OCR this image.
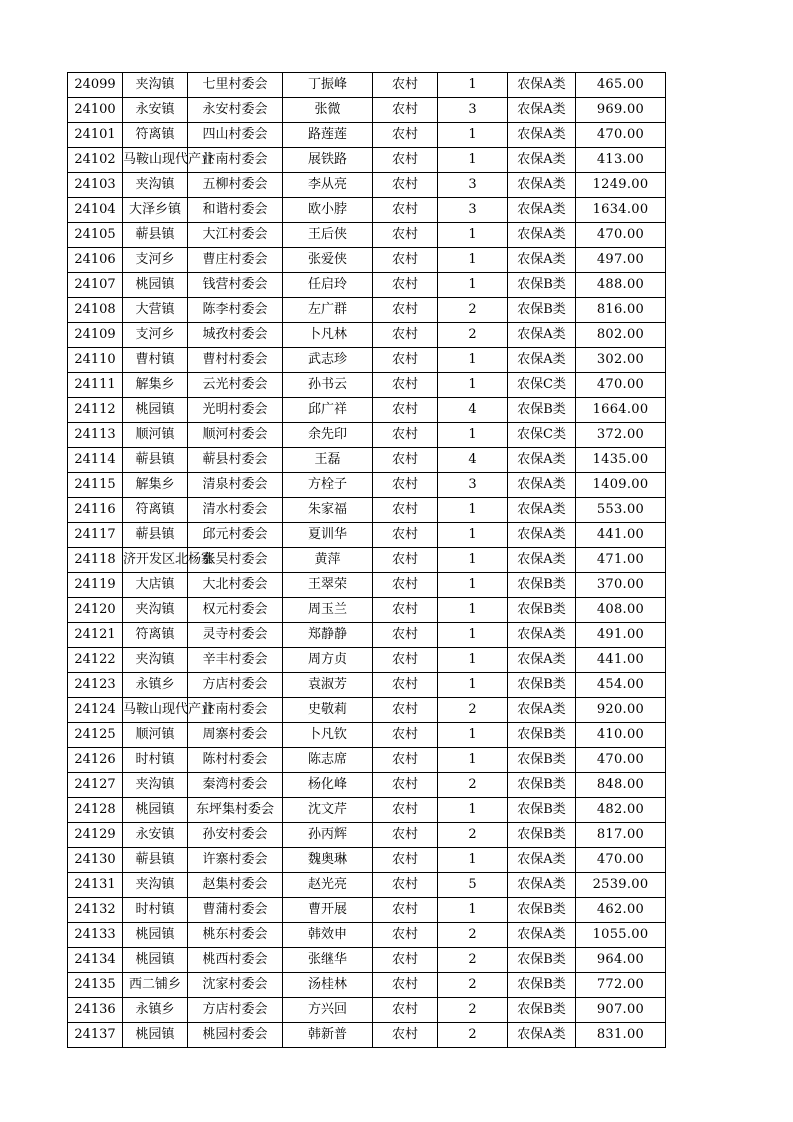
24099	夹沟镇	七里村委会	丁振峰	农村	1	农保A类	465.00
24100	永安镇	永安村委会	张微	农村	3	农保A类	969.00
24101	符离镇	四山村委会	路莲莲	农村	1	农保A类	470.00
24102	马鞍山现代产业	汴南村委会	展铁路	农村	1	农保A类	413.00
24103	夹沟镇	五柳村委会	李从亮	农村	3	农保A类	1249.00
24104	大泽乡镇	和谐村委会	欧小脖	农村	3	农保A类	1634.00
24105	蕲县镇	大江村委会	王后侠	农村	1	农保A类	470.00
24106	支河乡	曹庄村委会	张爱侠	农村	1	农保A类	497.00
24107	桃园镇	钱营村委会	任启玲	农村	1	农保B类	488.00
24108	大营镇	陈李村委会	左广群	农村	2	农保B类	816.00
24109	支河乡	城孜村委会	卜凡林	农村	2	农保A类	802.00
24110	曹村镇	曹村村委会	武志珍	农村	1	农保A类	302.00
24111	解集乡	云光村委会	孙书云	农村	1	农保C类	470.00
24112	桃园镇	光明村委会	邱广祥	农村	4	农保B类	1664.00
24113	顺河镇	顺河村委会	余先印	农村	1	农保C类	372.00
24114	蕲县镇	蕲县村委会	王磊	农村	4	农保A类	1435.00
24115	解集乡	清泉村委会	方栓子	农村	3	农保A类	1409.00
24116	符离镇	清水村委会	朱家福	农村	1	农保A类	553.00
24117	蕲县镇	邱元村委会	夏训华	农村	1	农保A类	441.00
24118	济开发区北杨寨	张吴村委会	黄萍	农村	1	农保A类	471.00
24119	大店镇	大北村委会	王翠荣	农村	1	农保B类	370.00
24120	夹沟镇	权元村委会	周玉兰	农村	1	农保B类	408.00
24121	符离镇	灵寺村委会	郑静静	农村	1	农保A类	491.00
24122	夹沟镇	辛丰村委会	周方贞	农村	1	农保A类	441.00
24123	永镇乡	方店村委会	袁淑芳	农村	1	农保B类	454.00
24124	马鞍山现代产业	汴南村委会	史敬莉	农村	2	农保A类	920.00
24125	顺河镇	周寨村委会	卜凡钦	农村	1	农保B类	410.00
24126	时村镇	陈村村委会	陈志席	农村	1	农保B类	470.00
24127	夹沟镇	秦湾村委会	杨化峰	农村	2	农保B类	848.00
24128	桃园镇	东坪集村委会	沈文芹	农村	1	农保B类	482.00
24129	永安镇	孙安村委会	孙丙辉	农村	2	农保B类	817.00
24130	蕲县镇	许寨村委会	魏奥琳	农村	1	农保A类	470.00
24131	夹沟镇	赵集村委会	赵光亮	农村	5	农保A类	2539.00
24132	时村镇	曹蒲村委会	曹开展	农村	1	农保B类	462.00
24133	桃园镇	桃东村委会	韩效申	农村	2	农保A类	1055.00
24134	桃园镇	桃西村委会	张继华	农村	2	农保B类	964.00
24135	西二铺乡	沈家村委会	汤桂林	农村	2	农保B类	772.00
24136	永镇乡	方店村委会	方兴回	农村	2	农保B类	907.00
24137	桃园镇	桃园村委会	韩新普	农村	2	农保A类	831.00
